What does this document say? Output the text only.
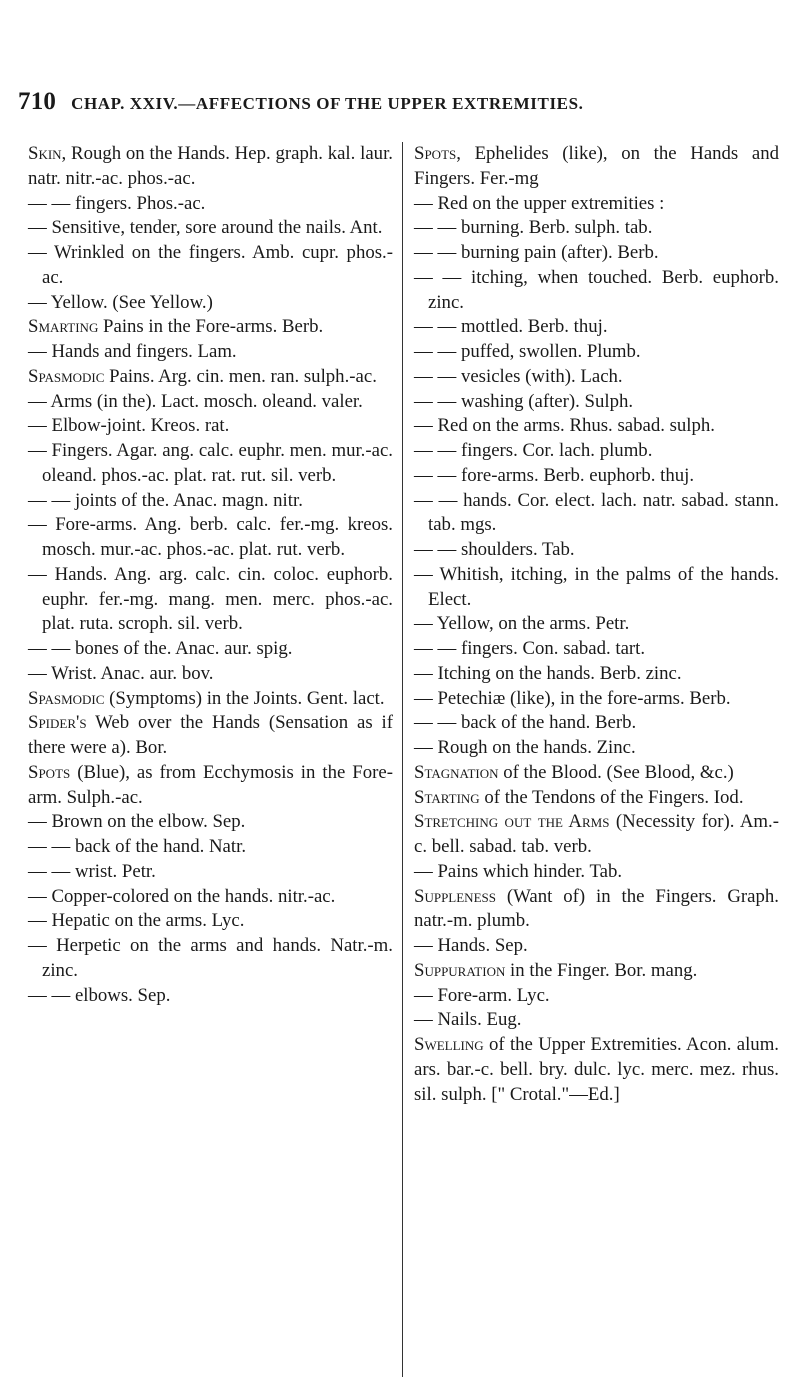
710 CHAP. XXIV.—AFFECTIONS OF THE UPPER EXTREMITIES.

Skin, Rough on the Hands. Hep. graph. kal. laur. natr. nitr.-ac. phos.-ac.

— — fingers. Phos.-ac.

— Sensitive, tender, sore around the nails. Ant.

— Wrinkled on the fingers. Amb. cupr. phos.-ac.

— Yellow. (See Yellow.)

Smarting Pains in the Fore-arms. Berb.

— Hands and fingers. Lam.

Spasmodic Pains. Arg. cin. men. ran. sulph.-ac.

— Arms (in the). Lact. mosch. oleand. valer.

— Elbow-joint. Kreos. rat.

— Fingers. Agar. ang. calc. euphr. men. mur.-ac. oleand. phos.-ac. plat. rat. rut. sil. verb.

— — joints of the. Anac. magn. nitr.

— Fore-arms. Ang. berb. calc. fer.-mg. kreos. mosch. mur.-ac. phos.-ac. plat. rut. verb.

— Hands. Ang. arg. calc. cin. coloc. euphorb. euphr. fer.-mg. mang. men. merc. phos.-ac. plat. ruta. scroph. sil. verb.

— — bones of the. Anac. aur. spig.

— Wrist. Anac. aur. bov.

Spasmodic (Symptoms) in the Joints. Gent. lact.

Spider's Web over the Hands (Sensation as if there were a). Bor.

Spots (Blue), as from Ecchymosis in the Fore-arm. Sulph.-ac.

— Brown on the elbow. Sep.

— — back of the hand. Natr.

— — wrist. Petr.

— Copper-colored on the hands. nitr.-ac.

— Hepatic on the arms. Lyc.

— Herpetic on the arms and hands. Natr.-m. zinc.

— — elbows. Sep.

Spots, Ephelides (like), on the Hands and Fingers. Fer.-mg

— Red on the upper extremities :

— — burning. Berb. sulph. tab.

— — burning pain (after). Berb.

— — itching, when touched. Berb. euphorb. zinc.

— — mottled. Berb. thuj.

— — puffed, swollen. Plumb.

— — vesicles (with). Lach.

— — washing (after). Sulph.

— Red on the arms. Rhus. sabad. sulph.

— — fingers. Cor. lach. plumb.

— — fore-arms. Berb. euphorb. thuj.

— — hands. Cor. elect. lach. natr. sabad. stann. tab. mgs.

— — shoulders. Tab.

— Whitish, itching, in the palms of the hands. Elect.

— Yellow, on the arms. Petr.

— — fingers. Con. sabad. tart.

— Itching on the hands. Berb. zinc.

— Petechiæ (like), in the fore-arms. Berb.

— — back of the hand. Berb.

— Rough on the hands. Zinc.

Stagnation of the Blood. (See Blood, &c.)

Starting of the Tendons of the Fingers. Iod.

Stretching out the Arms (Necessity for). Am.-c. bell. sabad. tab. verb.

— Pains which hinder. Tab.

Suppleness (Want of) in the Fingers. Graph. natr.-m. plumb.

— Hands. Sep.

Suppuration in the Finger. Bor. mang.

— Fore-arm. Lyc.

— Nails. Eug.

Swelling of the Upper Extremities. Acon. alum. ars. bar.-c. bell. bry. dulc. lyc. merc. mez. rhus. sil. sulph. [" Crotal."—Ed.]
